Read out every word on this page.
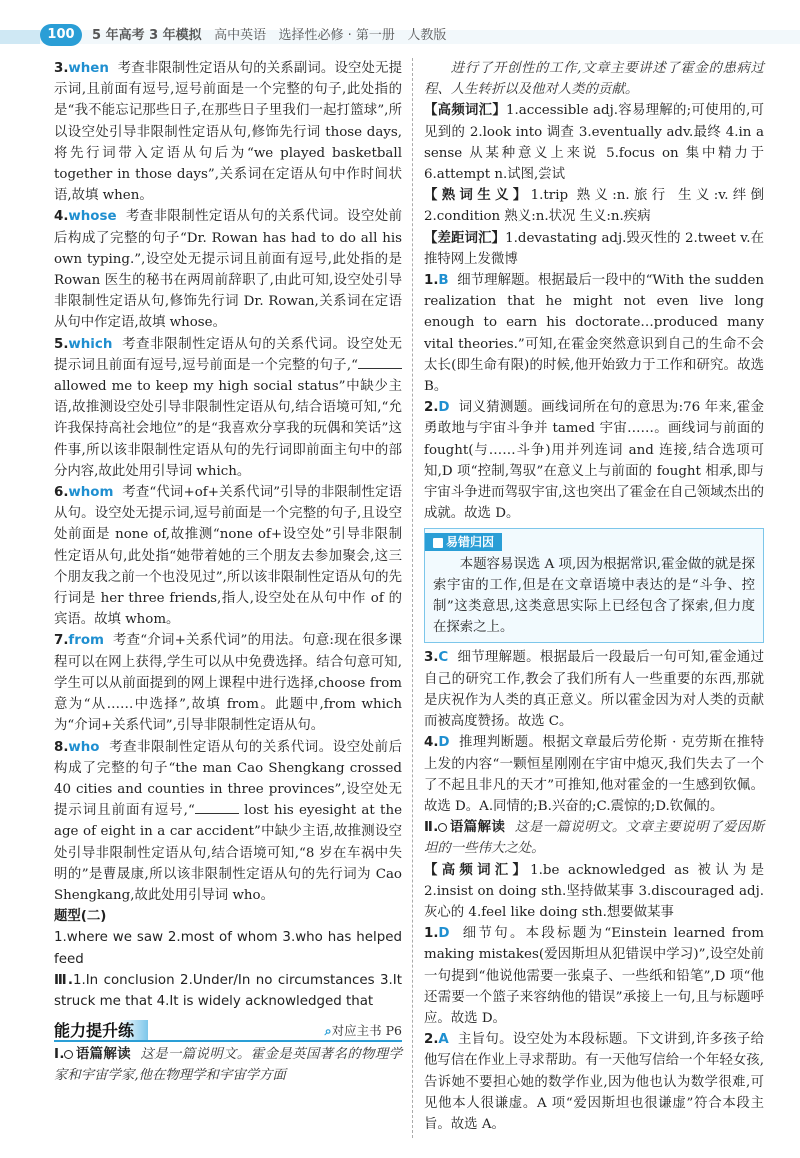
100	5 年高考 3 年模拟 高中英语 选择性必修 · 第一册 人教版

3.when 考查非限制性定语从句的关系副词。设空处无提示词,且前面有逗号,逗号前面是一个完整的句子,此处指的是“我不能忘记那些日子,在那些日子里我们一起打篮球”,所以设空处引导非限制性定语从句,修饰先行词 those days,将先行词带入定语从句后为“we played basketball together in those days”,关系词在定语从句中作时间状语,故填 when。

4.whose 考查非限制性定语从句的关系代词。设空处前后构成了完整的句子“Dr. Rowan has had to do all his own typing.”,设空处无提示词且前面有逗号,此处指的是 Rowan 医生的秘书在两周前辞职了,由此可知,设空处引导非限制性定语从句,修饰先行词 Dr. Rowan,关系词在定语从句中作定语,故填 whose。

5.which 考查非限制性定语从句的关系代词。设空处无提示词且前面有逗号,逗号前面是一个完整的句子,“ allowed me to keep my high social status”中缺少主语,故推测设空处引导非限制性定语从句,结合语境可知,“允许我保持高社会地位”的是“我喜欢分享我的玩偶和笑话”这件事,所以该非限制性定语从句的先行词即前面主句中的部分内容,故此处用引导词 which。

6.whom 考查“代词+of+关系代词”引导的非限制性定语从句。设空处无提示词,逗号前面是一个完整的句子,且设空处前面是 none of,故推测“none of+设空处”引导非限制性定语从句,此处指“她带着她的三个朋友去参加聚会,这三个朋友我之前一个也没见过”,所以该非限制性定语从句的先行词是 her three friends,指人,设空处在从句中作 of 的宾语。故填 whom。

7.from 考查“介词+关系代词”的用法。句意:现在很多课程可以在网上获得,学生可以从中免费选择。结合句意可知,学生可以从前面提到的网上课程中进行选择,choose from 意为“从……中选择”,故填 from。此题中,from which 为“介词+关系代词”,引导非限制性定语从句。

8.who 考查非限制性定语从句的关系代词。设空处前后构成了完整的句子“the man Cao Shengkang crossed 40 cities and counties in three provinces”,设空处无提示词且前面有逗号,“	lost his eyesight at the age of eight in a car accident”中缺少主语,故推测设空处引导非限制性定语从句,结合语境可知,“8 岁在车祸中失明的”是曹晟康,所以该非限制性定语从句的先行词为 Cao Shengkang,故此处用引导词 who。

题型(二)

1.where we saw 2.most of whom 3.who has helped feed

Ⅲ.1.In conclusion 2.Under/In no circumstances 3.It struck me that 4.It is widely acknowledged that

能力提升练	⌕对应主书 P6

Ⅰ. 语篇解读 这是一篇说明文。霍金是英国著名的物理学家和宇宙学家,他在物理学和宇宙学方面

进行了开创性的工作,文章主要讲述了霍金的患病过程、人生转折以及他对人类的贡献。

【高频词汇】1.accessible adj.容易理解的;可使用的,可见到的 2.look into 调查 3.eventually adv.最终 4.in a sense 从某种意义上来说 5.focus on 集中精力于 6.attempt n.试图,尝试

【熟词生义】1.trip 熟义:n.旅行 生义:v.绊倒 2.condition 熟义:n.状况 生义:n.疾病

【差距词汇】1.devastating adj.毁灭性的 2.tweet v.在推特网上发微博

1.B 细节理解题。根据最后一段中的“With the sudden realization that he might not even live long enough to earn his doctorate…produced many vital theories.”可知,在霍金突然意识到自己的生命不会太长(即生命有限)的时候,他开始致力于工作和研究。故选 B。

2.D 词义猜测题。画线词所在句的意思为:76 年来,霍金勇敢地与宇宙斗争并 tamed 宇宙……。画线词与前面的 fought(与……斗争)用并列连词 and 连接,结合选项可知,D 项“控制,驾驭”在意义上与前面的 fought 相承,即与宇宙斗争进而驾驭宇宙,这也突出了霍金在自己领域杰出的成就。故选 D。

易错归因

本题容易误选 A 项,因为根据常识,霍金做的就是探索宇宙的工作,但是在文章语境中表达的是“斗争、控制”这类意思,这类意思实际上已经包含了探索,但力度在探索之上。

3.C 细节理解题。根据最后一段最后一句可知,霍金通过自己的研究工作,教会了我们所有人一些重要的东西,那就是庆祝作为人类的真正意义。所以霍金因为对人类的贡献而被高度赞扬。故选 C。

4.D 推理判断题。根据文章最后劳伦斯 · 克劳斯在推特上发的内容“一颗恒星刚刚在宇宙中熄灭,我们失去了一个了不起且非凡的天才”可推知,他对霍金的一生感到钦佩。故选 D。A.同情的;B.兴奋的;C.震惊的;D.钦佩的。

Ⅱ. 语篇解读 这是一篇说明文。文章主要说明了爱因斯坦的一些伟大之处。

【高频词汇】1.be acknowledged as 被认为是 2.insist on doing sth.坚持做某事 3.discouraged adj.灰心的 4.feel like doing sth.想要做某事

1.D 细节句。本段标题为“Einstein learned from making mistakes(爱因斯坦从犯错误中学习)”,设空处前一句提到“他说他需要一张桌子、一些纸和铅笔”,D 项“他还需要一个篮子来容纳他的错误”承接上一句,且与标题呼应。故选 D。

2.A 主旨句。设空处为本段标题。下文讲到,许多孩子给他写信在作业上寻求帮助。有一天他写信给一个年轻女孩,告诉她不要担心她的数学作业,因为他也认为数学很难,可见他本人很谦虚。A 项“爱因斯坦也很谦虚”符合本段主旨。故选 A。
